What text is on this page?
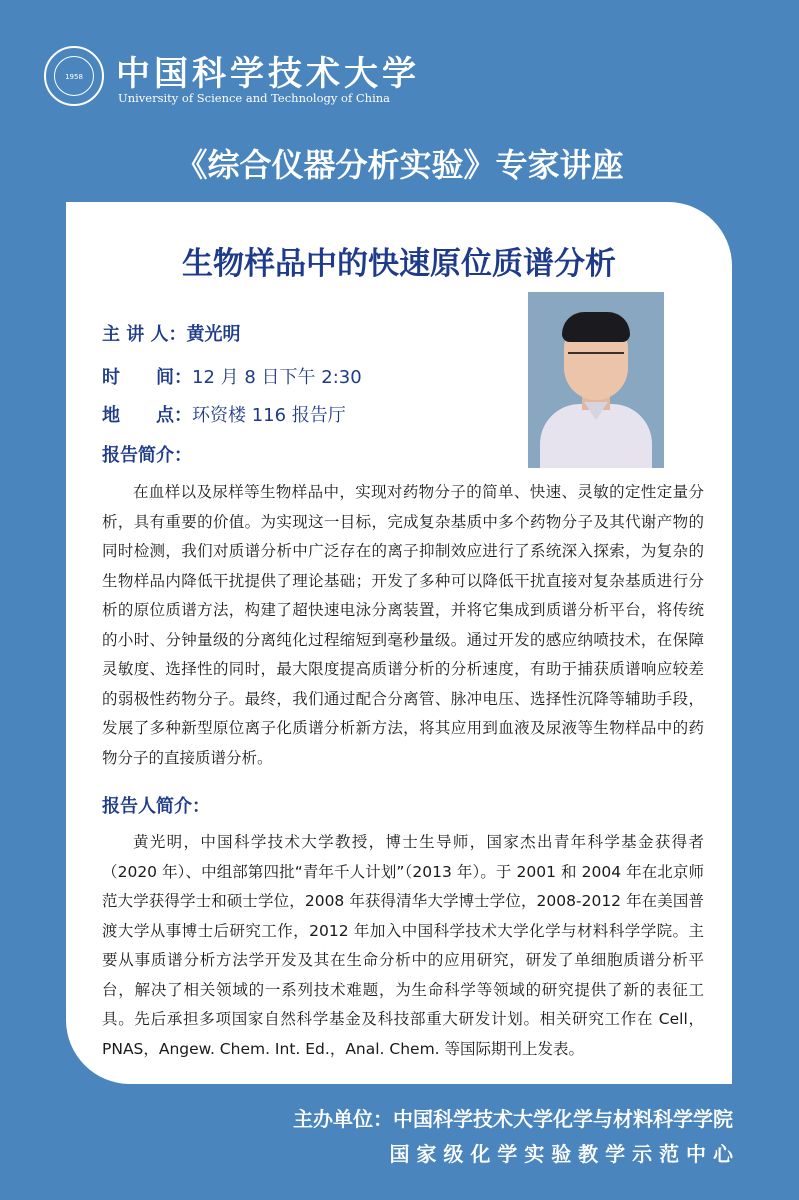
1958 中国科学技术大学
University of Science and Technology of China
《综合仪器分析实验》专家讲座
生物样品中的快速原位质谱分析
主 讲 人：黄光明
时　　间：12 月 8 日下午 2:30
地　　点：环资楼 116 报告厅
报告简介：

在血样以及尿样等生物样品中，实现对药物分子的简单、快速、灵敏的定性定量分析，具有重要的价值。为实现这一目标，完成复杂基质中多个药物分子及其代谢产物的同时检测，我们对质谱分析中广泛存在的离子抑制效应进行了系统深入探索，为复杂的生物样品内降低干扰提供了理论基础；开发了多种可以降低干扰直接对复杂基质进行分析的原位质谱方法，构建了超快速电泳分离装置，并将它集成到质谱分析平台，将传统的小时、分钟量级的分离纯化过程缩短到毫秒量级。通过开发的感应纳喷技术，在保障灵敏度、选择性的同时，最大限度提高质谱分析的分析速度，有助于捕获质谱响应较差的弱极性药物分子。最终，我们通过配合分离管、脉冲电压、选择性沉降等辅助手段，发展了多种新型原位离子化质谱分析新方法，将其应用到血液及尿液等生物样品中的药物分子的直接质谱分析。

报告人简介：

黄光明，中国科学技术大学教授，博士生导师，国家杰出青年科学基金获得者（2020 年）、中组部第四批“青年千人计划”（2013 年）。于 2001 和 2004 年在北京师范大学获得学士和硕士学位，2008 年获得清华大学博士学位，2008-2012 年在美国普渡大学从事博士后研究工作，2012 年加入中国科学技术大学化学与材料科学学院。主要从事质谱分析方法学开发及其在生命分析中的应用研究，研发了单细胞质谱分析平台，解决了相关领域的一系列技术难题，为生命科学等领域的研究提供了新的表征工具。先后承担多项国家自然科学基金及科技部重大研发计划。相关研究工作在 Cell，PNAS，Angew. Chem. Int. Ed.，Anal. Chem. 等国际期刊上发表。

主办单位：中国科学技术大学化学与材料科学学院
国 家 级 化 学 实 验 教 学 示 范 中 心
